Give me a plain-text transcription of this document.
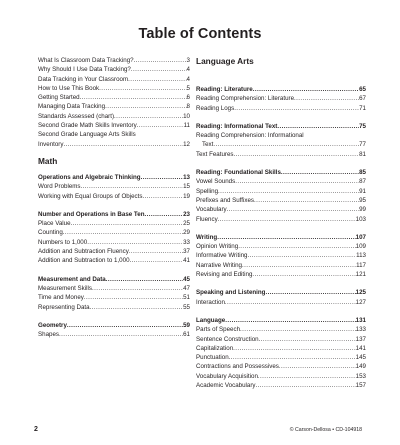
Table of Contents
What Is Classroom Data Tracking? .....	3
Why Should I Use Data Tracking? .....	4
Data Tracking in Your Classroom .....	4
How to Use This Book .....	5
Getting Started .....	6
Managing Data Tracking .....	8
Standards Assessed (chart) .....	10
Second Grade Math Skills Inventory .....	11
Second Grade Language Arts Skills
Inventory .....	12
Math
Operations and Algebraic Thinking .....	13
Word Problems .....	15
Working with Equal Groups of Objects .....	19
Number and Operations in Base Ten .....	23
Place Value .....	25
Counting .....	29
Numbers to 1,000 .....	33
Addition and Subtraction Fluency .....	37
Addition and Subtraction to 1,000 .....	41
Measurement and Data .....	45
Measurement Skills .....	47
Time and Money .....	51
Representing Data .....	55
Geometry .....	59
Shapes .....	61
Language Arts
Reading: Literature .....	65
Reading Comprehension: Literature .....	67
Reading Logs .....	71
Reading: Informational Text .....	75
Reading Comprehension: Informational
Text .....	77
Text Features .....	81
Reading: Foundational Skills .....	85
Vowel Sounds .....	87
Spelling .....	91
Prefixes and Suffixes .....	95
Vocabulary .....	99
Fluency .....	103
Writing .....	107
Opinion Writing .....	109
Informative Writing .....	113
Narrative Writing .....	117
Revising and Editing .....	121
Speaking and Listening .....	125
Interaction .....	127
Language .....	131
Parts of Speech .....	133
Sentence Construction .....	137
Capitalization .....	141
Punctuation .....	145
Contractions and Possessives .....	149
Vocabulary Acquisition .....	153
Academic Vocabulary .....	157
2	© Carson-Dellosa • CD-104918
